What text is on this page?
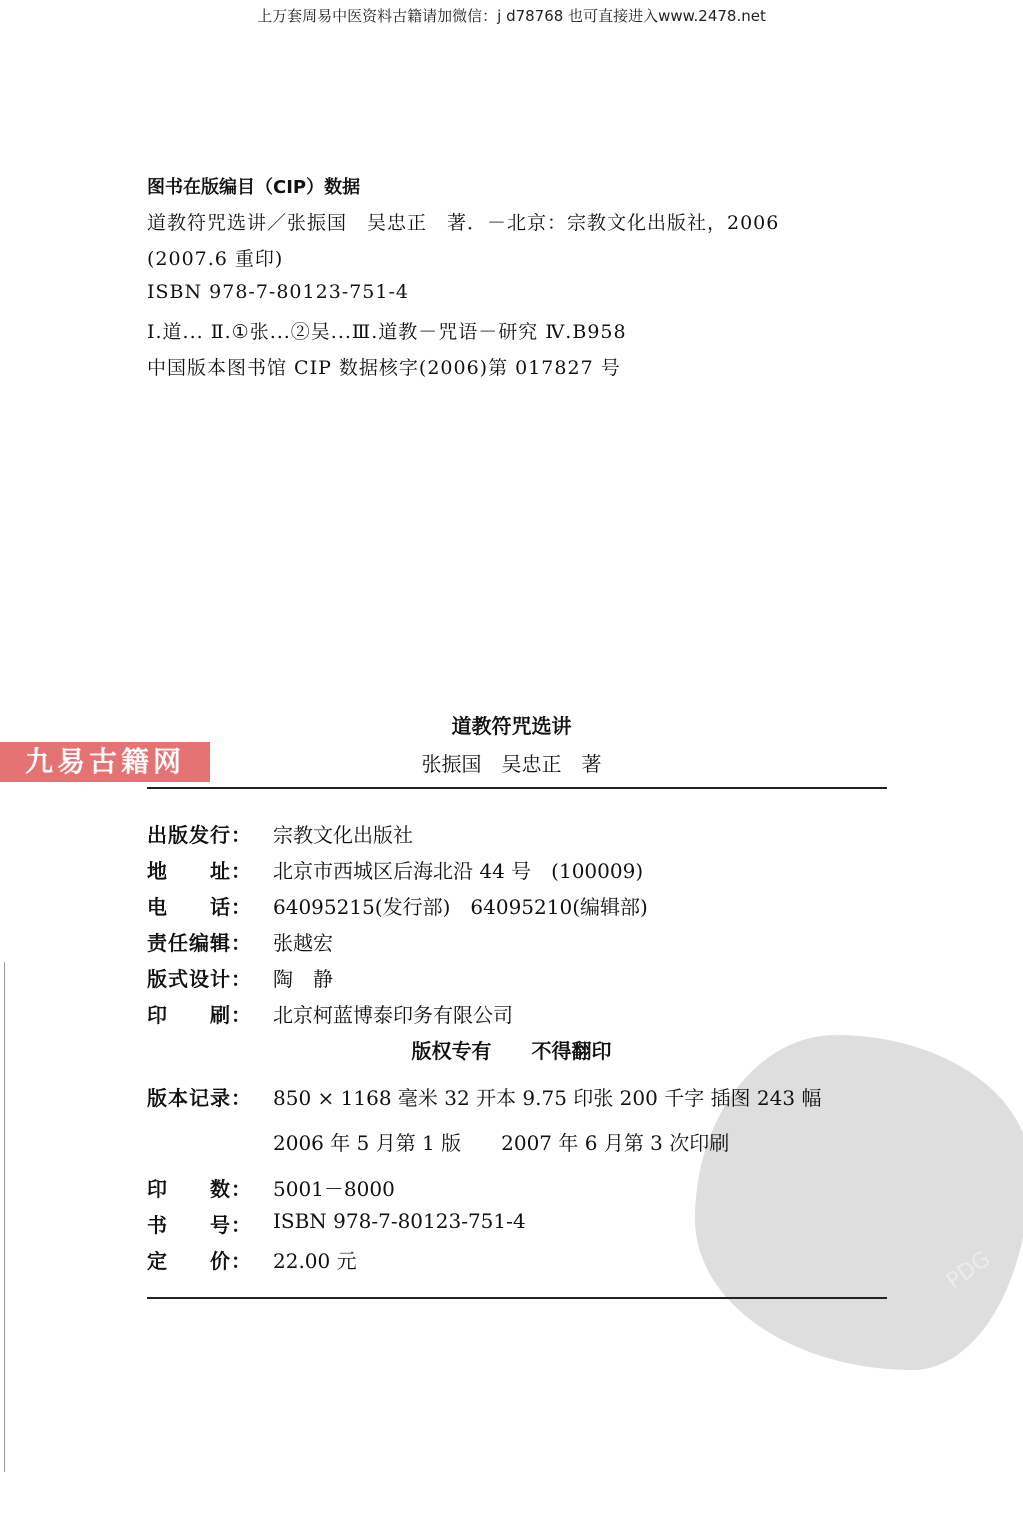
上万套周易中医资料古籍请加微信：j d78768 也可直接进入www.2478.net
图书在版编目（CIP）数据
道教符咒选讲／张振国　吴忠正　著．－北京：宗教文化出版社，2006
(2007.6 重印)
ISBN 978-7-80123-751-4
Ⅰ.道... Ⅱ.①张...②吴...Ⅲ.道教－咒语－研究 Ⅳ.B958
中国版本图书馆 CIP 数据核字(2006)第 017827 号
九易古籍网
PDG
道教符咒选讲
张振国　吴忠正　著
出版发行： 宗教文化出版社
地　　址： 北京市西城区后海北沿 44 号　(100009)
电　　话： 64095215(发行部)　64095210(编辑部)
责任编辑： 张越宏
版式设计： 陶　静
印　　刷： 北京柯蓝博泰印务有限公司
版权专有　　不得翻印
版本记录： 850 × 1168 毫米 32 开本 9.75 印张 200 千字 插图 243 幅
2006 年 5 月第 1 版　　2007 年 6 月第 3 次印刷
印　　数： 5001－8000
书　　号： ISBN 978-7-80123-751-4
定　　价： 22.00 元
